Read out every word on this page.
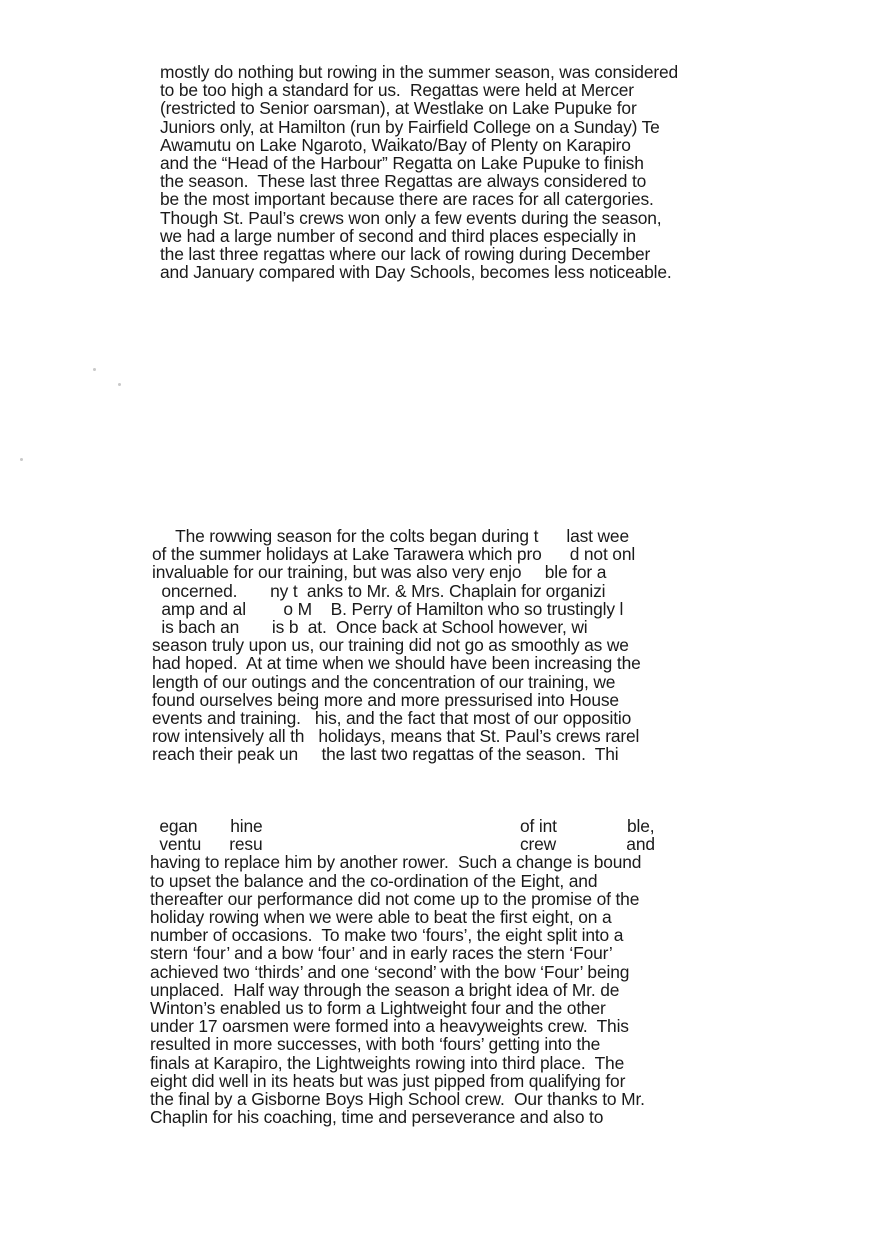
mostly do nothing but rowing in the summer season, was considered
to be too high a standard for us.  Regattas were held at Mercer
(restricted to Senior oarsman), at Westlake on Lake Pupuke for
Juniors only, at Hamilton (run by Fairfield College on a Sunday) Te
Awamutu on Lake Ngaroto, Waikato/Bay of Plenty on Karapiro
and the “Head of the Harbour” Regatta on Lake Pupuke to finish
the season.  These last three Regattas are always considered to
be the most important because there are races for all catergories.
Though St. Paul’s crews won only a few events during the season,
we had a large number of second and third places especially in
the last three regattas where our lack of rowing during December
and January compared with Day Schools, becomes less noticeable.
The rowwing season for the colts began during t      last wee
of the summer holidays at Lake Tarawera which pro      d not onl
invaluable for our training, but was also very enjo     ble for a
oncerned.       ny t  anks to Mr. & Mrs. Chaplain for organizi
amp and al        o M    B. Perry of Hamilton who so trustingly l
is bach an       is b  at.  Once back at School however, wi
season truly upon us, our training did not go as smoothly as we
had hoped.  At at time when we should have been increasing the
length of our outings and the concentration of our training, we
found ourselves being more and more pressurised into House
events and training.   his, and the fact that most of our oppositio
row intensively all th   holidays, means that St. Paul’s crews rarel
reach their peak un     the last two regattas of the season.  Thi
egan       hine                                                       of int               ble,
ventu      resu                                                       crew               and
having to replace him by another rower.  Such a change is bound
to upset the balance and the co-ordination of the Eight, and
thereafter our performance did not come up to the promise of the
holiday rowing when we were able to beat the first eight, on a
number of occasions.  To make two ‘fours’, the eight split into a
stern ‘four’ and a bow ‘four’ and in early races the stern ‘Four’
achieved two ‘thirds’ and one ‘second’ with the bow ‘Four’ being
unplaced.  Half way through the season a bright idea of Mr. de
Winton’s enabled us to form a Lightweight four and the other
under 17 oarsmen were formed into a heavyweights crew.  This
resulted in more successes, with both ‘fours’ getting into the
finals at Karapiro, the Lightweights rowing into third place.  The
eight did well in its heats but was just pipped from qualifying for
the final by a Gisborne Boys High School crew.  Our thanks to Mr.
Chaplin for his coaching, time and perseverance and also to
